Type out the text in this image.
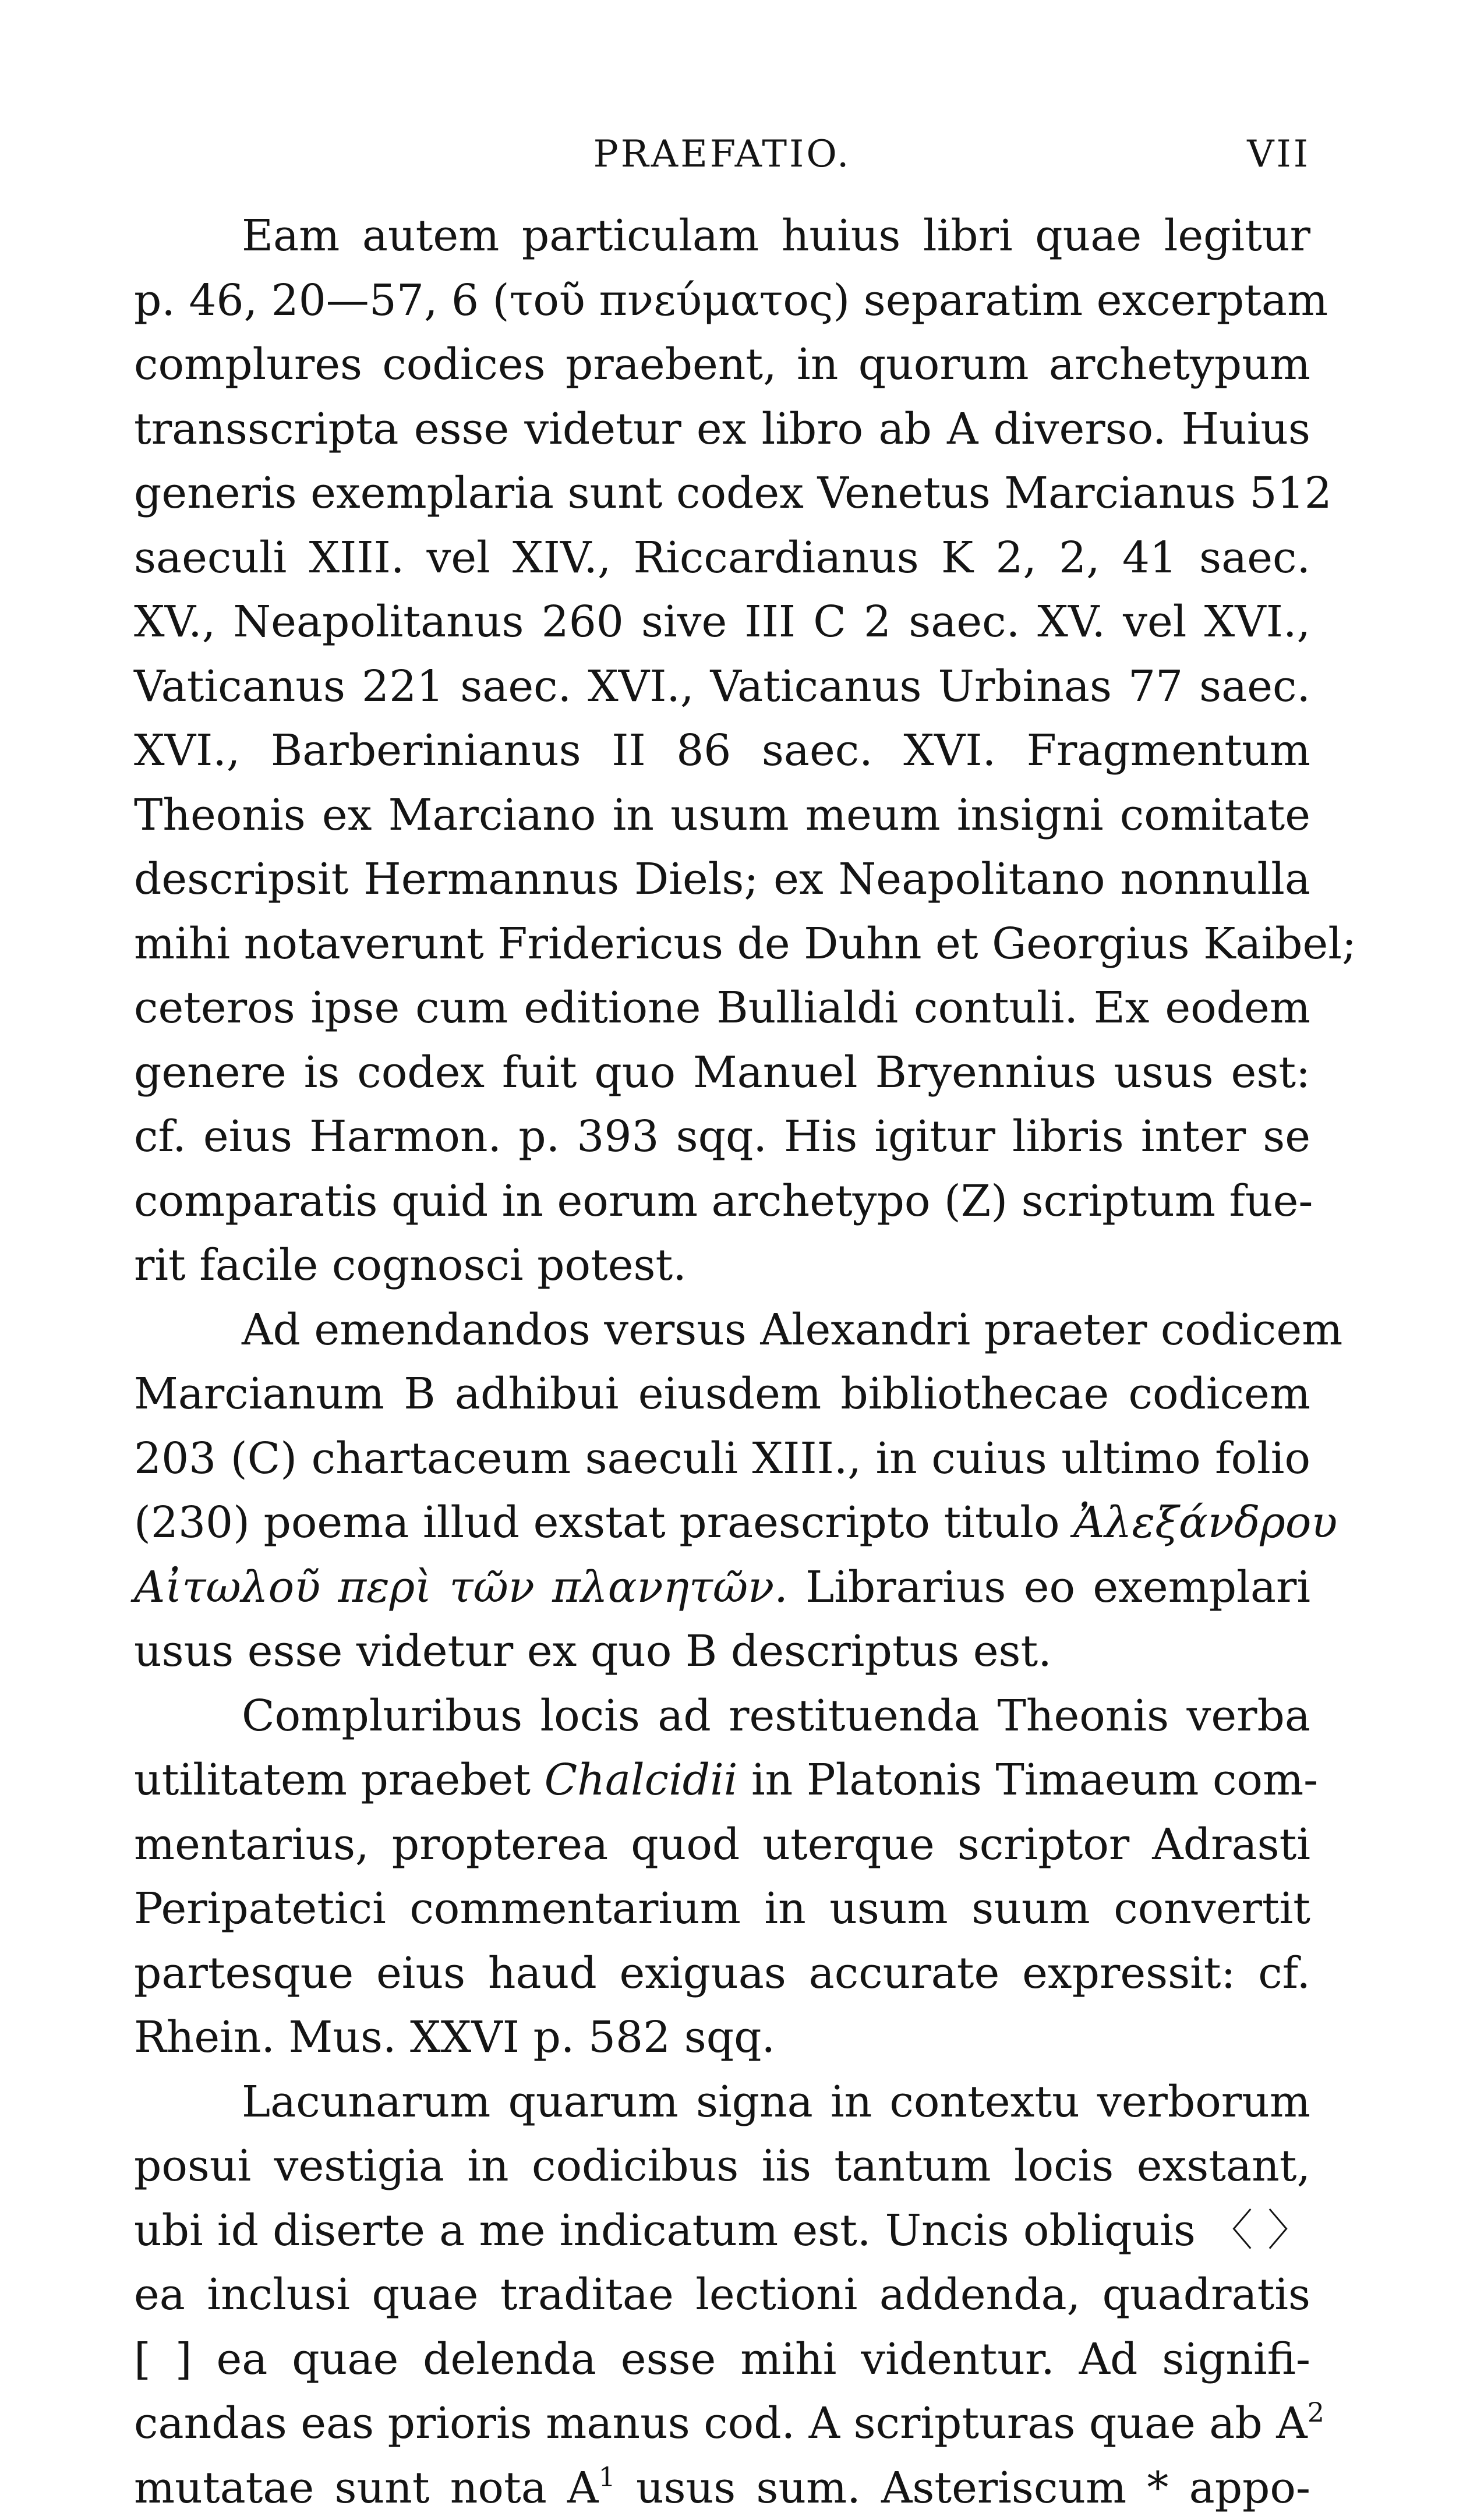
PRAEFATIO.	VII
Eam autem particulam huius libri quae legitur
p. 46, 20—57, 6 (τοῦ πνεύματος) separatim excerptam
complures codices praebent, in quorum archetypum
transscripta esse videtur ex libro ab A diverso. Huius
generis exemplaria sunt codex Venetus Marcianus 512
saeculi XIII. vel XIV., Riccardianus K 2, 2, 41 saec.
XV., Neapolitanus 260 sive III C 2 saec. XV. vel XVI.,
Vaticanus 221 saec. XVI., Vaticanus Urbinas 77 saec.
XVI., Barberinianus II 86 saec. XVI. Fragmentum
Theonis ex Marciano in usum meum insigni comitate
descripsit Hermannus Diels; ex Neapolitano nonnulla
mihi notaverunt Fridericus de Duhn et Georgius Kaibel;
ceteros ipse cum editione Bullialdi contuli. Ex eodem
genere is codex fuit quo Manuel Bryennius usus est:
cf. eius Harmon. p. 393 sqq. His igitur libris inter se
comparatis quid in eorum archetypo (Z) scriptum fue-
rit facile cognosci potest.
Ad emendandos versus Alexandri praeter codicem
Marcianum B adhibui eiusdem bibliothecae codicem
203 (C) chartaceum saeculi XIII., in cuius ultimo folio
(230) poema illud exstat praescripto titulo Ἀλεξάνδρου
Αἰτωλοῦ περὶ τῶν πλανητῶν. Librarius eo exemplari
usus esse videtur ex quo B descriptus est.
Compluribus locis ad restituenda Theonis verba
utilitatem praebet Chalcidii in Platonis Timaeum com-
mentarius, propterea quod uterque scriptor Adrasti
Peripatetici commentarium in usum suum convertit
partesque eius haud exiguas accurate expressit: cf.
Rhein. Mus. XXVI p. 582 sqq.
Lacunarum quarum signa in contextu verborum
posui vestigia in codicibus iis tantum locis exstant,
ubi id diserte a me indicatum est. Uncis obliquis 〈 〉
ea inclusi quae traditae lectioni addenda, quadratis
[ ] ea quae delenda esse mihi videntur. Ad signifi-
candas eas prioris manus cod. A scripturas quae ab $A^2$
mutatae sunt nota $A^1$ usus sum. Asteriscum * appo-
